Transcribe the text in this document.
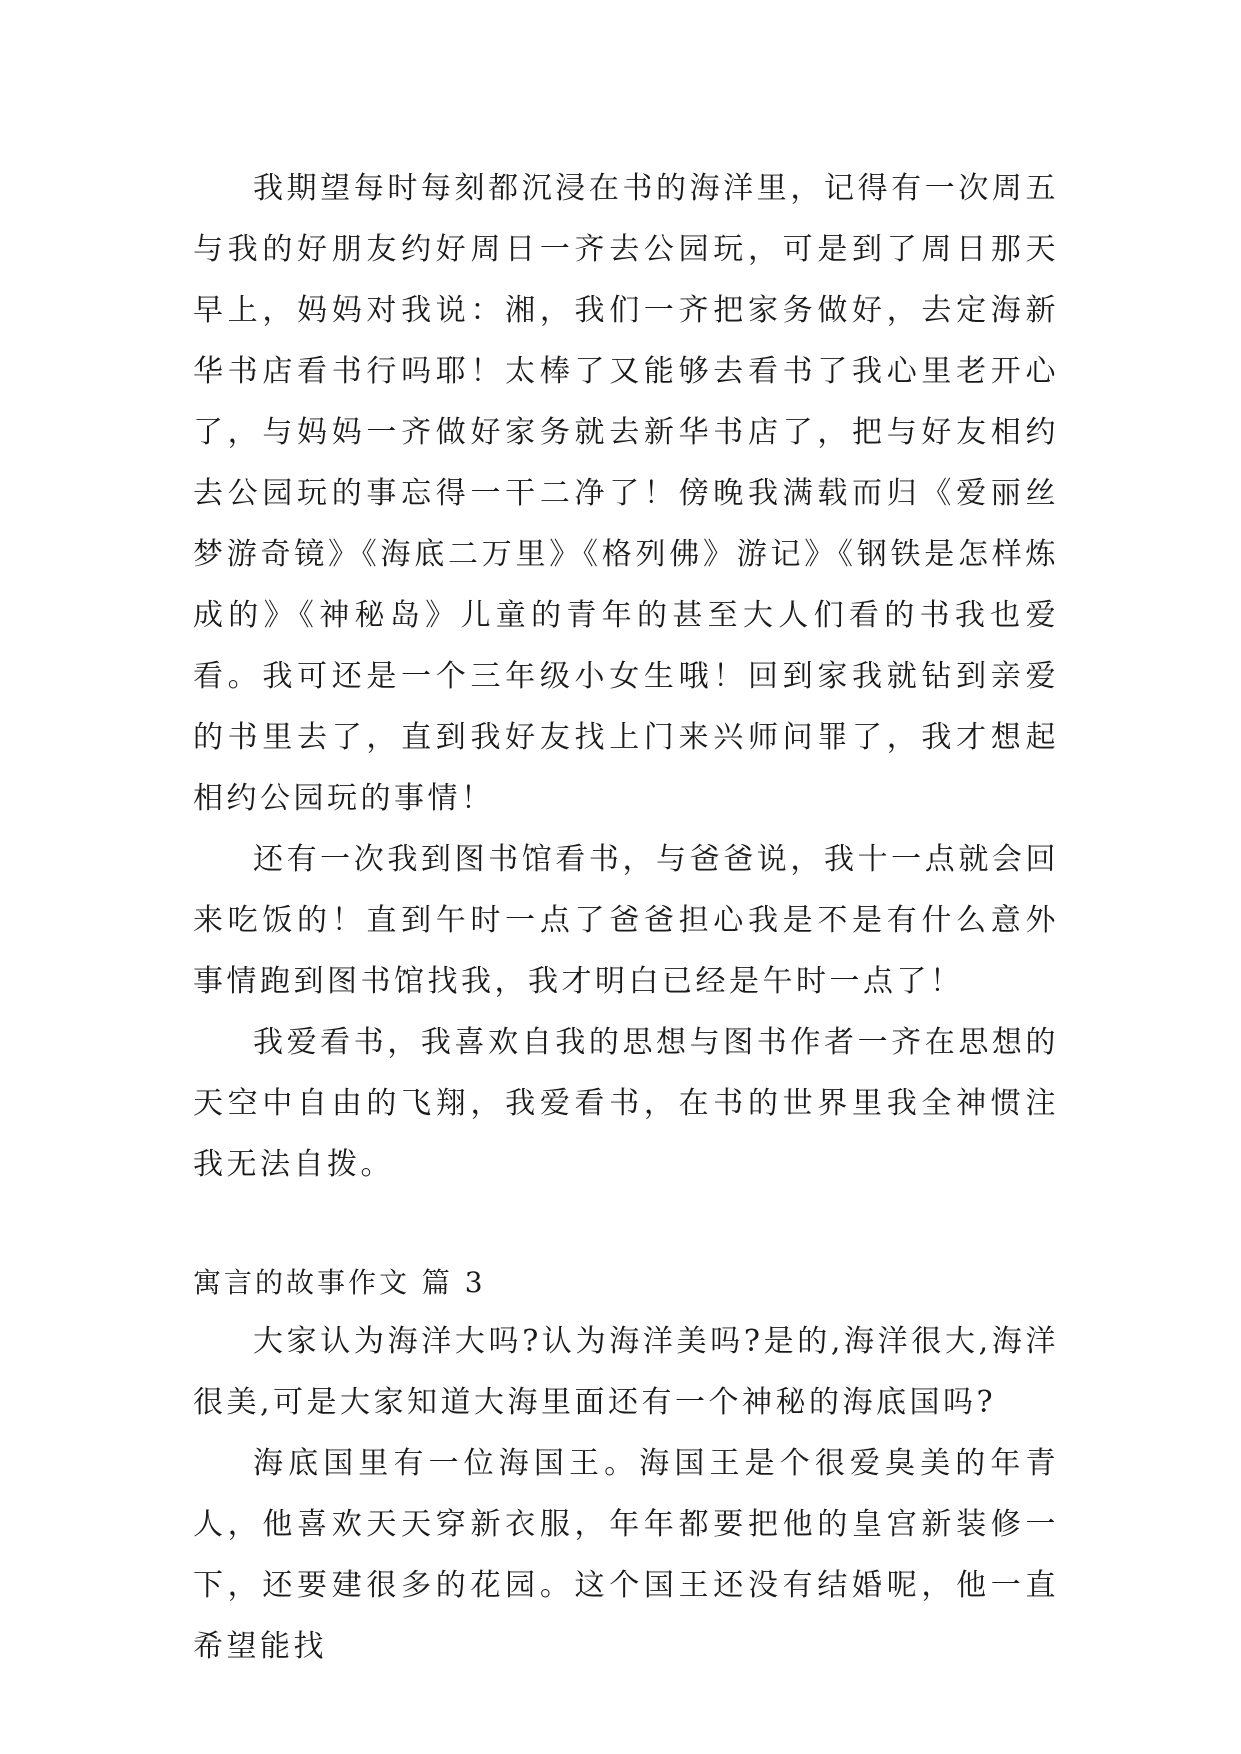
我期望每时每刻都沉浸在书的海洋里，记得有一次周五与我的好朋友约好周日一齐去公园玩，可是到了周日那天早上，妈妈对我说：湘，我们一齐把家务做好，去定海新华书店看书行吗耶！太棒了又能够去看书了我心里老开心了，与妈妈一齐做好家务就去新华书店了，把与好友相约去公园玩的事忘得一干二净了！傍晚我满载而归《爱丽丝梦游奇镜》《海底二万里》《格列佛》游记》《钢铁是怎样炼成的》《神秘岛》儿童的青年的甚至大人们看的书我也爱看。我可还是一个三年级小女生哦！回到家我就钻到亲爱的书里去了，直到我好友找上门来兴师问罪了，我才想起相约公园玩的事情！

还有一次我到图书馆看书，与爸爸说，我十一点就会回来吃饭的！直到午时一点了爸爸担心我是不是有什么意外事情跑到图书馆找我，我才明白已经是午时一点了！

我爱看书，我喜欢自我的思想与图书作者一齐在思想的天空中自由的飞翔，我爱看书，在书的世界里我全神惯注我无法自拨。

寓言的故事作文 篇 3

大家认为海洋大吗?认为海洋美吗?是的,海洋很大,海洋很美,可是大家知道大海里面还有一个神秘的海底国吗?

海底国里有一位海国王。海国王是个很爱臭美的年青人，他喜欢天天穿新衣服，年年都要把他的皇宫新装修一下，还要建很多的花园。这个国王还没有结婚呢，他一直希望能找
